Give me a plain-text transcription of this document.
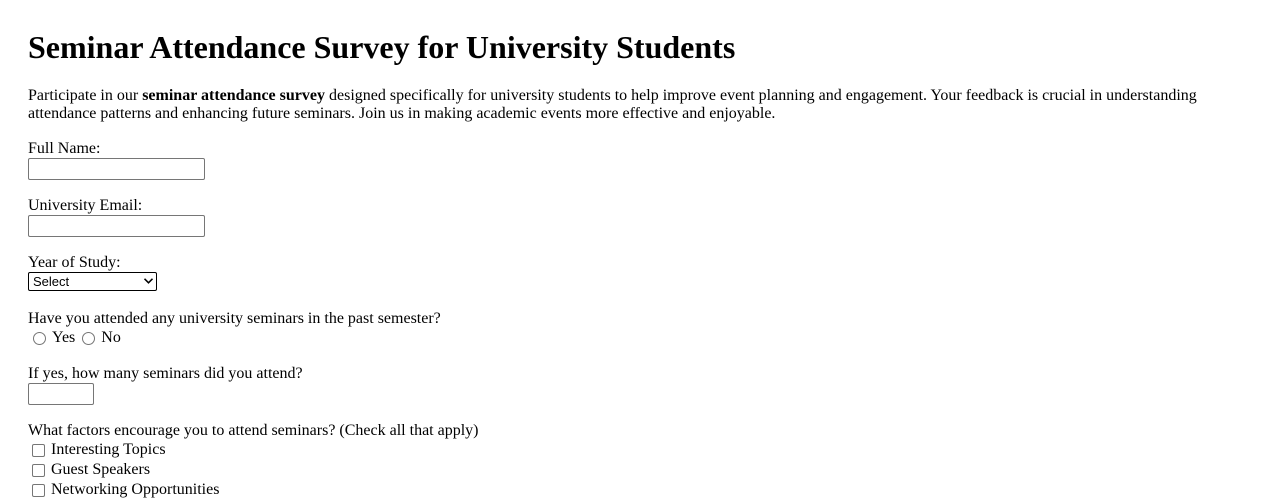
Seminar Attendance Survey for University Students

Participate in our seminar attendance survey designed specifically for university students to help improve event planning and engagement. Your feedback is crucial in understanding attendance patterns and enhancing future seminars. Join us in making academic events more effective and enjoyable.

Full Name:
University Email:
Year of Study:
Select
Have you attended any university seminars in the past semester?
Yes No
If yes, how many seminars did you attend?
What factors encourage you to attend seminars? (Check all that apply)
Interesting Topics
Guest Speakers
Networking Opportunities
